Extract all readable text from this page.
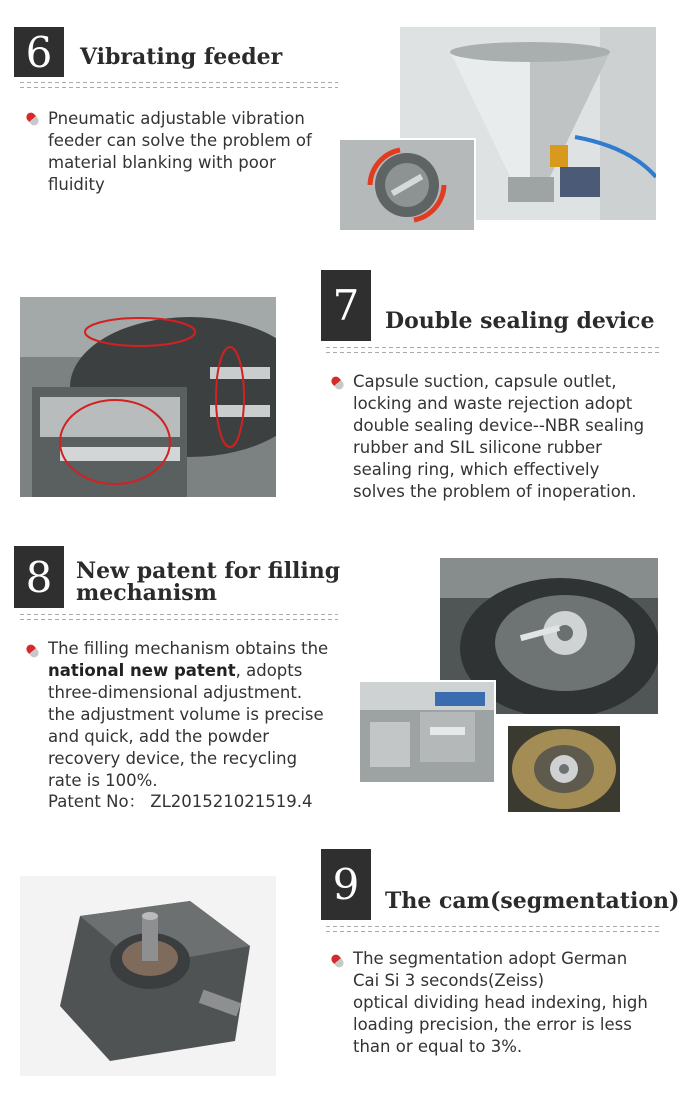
6	Vibrating feeder
Pneumatic adjustable vibration feeder can solve the problem of material blanking with poor fluidity
7	Double sealing device
Capsule suction, capsule outlet, locking and waste rejection adopt double sealing device--NBR sealing rubber and SIL silicone rubber sealing ring, which effectively solves the problem of inoperation.
8	New patent for filling
mechanism
The filling mechanism obtains the national new patent, adopts three-dimensional adjustment. the adjustment volume is precise and quick, add the powder recovery device, the recycling rate is 100%.
Patent No： ZL201521021519.4
9	The cam(segmentation)
The segmentation adopt German Cai Si 3 seconds(Zeiss)
optical dividing head indexing, high loading precision, the error is less than or equal to 3%.
